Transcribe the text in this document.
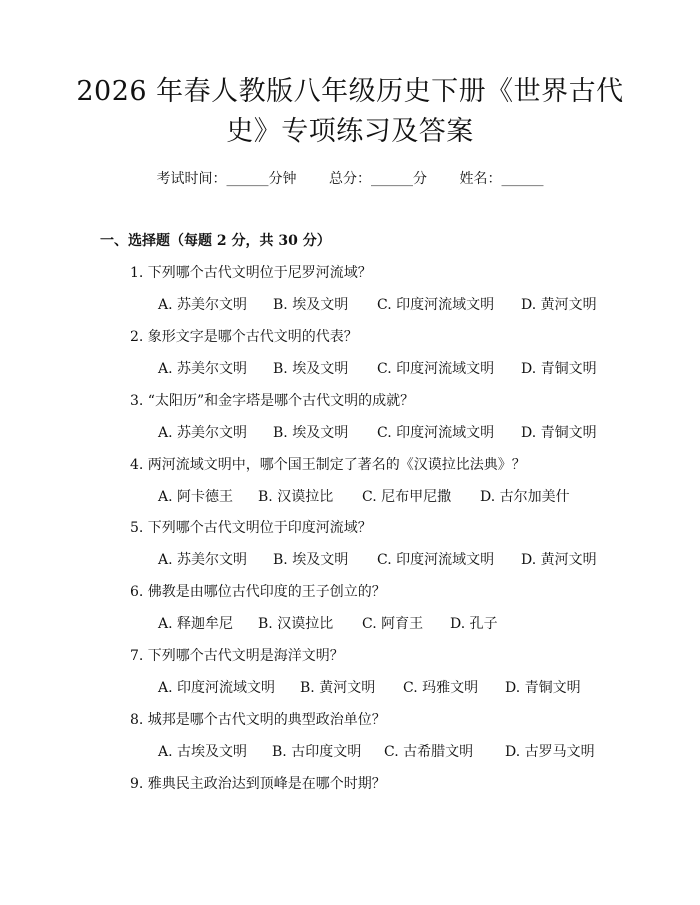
2026 年春人教版八年级历史下册《世界古代
史》专项练习及答案
考试时间：______分钟 总分：______分 姓名：______
一、选择题（每题 2 分，共 30 分）
1. 下列哪个古代文明位于尼罗河流域？
A. 苏美尔文明 B. 埃及文明 C. 印度河流域文明 D. 黄河文明
2. 象形文字是哪个古代文明的代表？
A. 苏美尔文明 B. 埃及文明 C. 印度河流域文明 D. 青铜文明
3. “太阳历”和金字塔是哪个古代文明的成就？
A. 苏美尔文明 B. 埃及文明 C. 印度河流域文明 D. 青铜文明
4. 两河流域文明中，哪个国王制定了著名的《汉谟拉比法典》？
A. 阿卡德王 B. 汉谟拉比 C. 尼布甲尼撒 D. 古尔加美什
5. 下列哪个古代文明位于印度河流域？
A. 苏美尔文明 B. 埃及文明 C. 印度河流域文明 D. 黄河文明
6. 佛教是由哪位古代印度的王子创立的？
A. 释迦牟尼 B. 汉谟拉比 C. 阿育王 D. 孔子
7. 下列哪个古代文明是海洋文明？
A. 印度河流域文明 B. 黄河文明 C. 玛雅文明 D. 青铜文明
8. 城邦是哪个古代文明的典型政治单位？
A. 古埃及文明 B. 古印度文明 C. 古希腊文明 D. 古罗马文明
9. 雅典民主政治达到顶峰是在哪个时期？
